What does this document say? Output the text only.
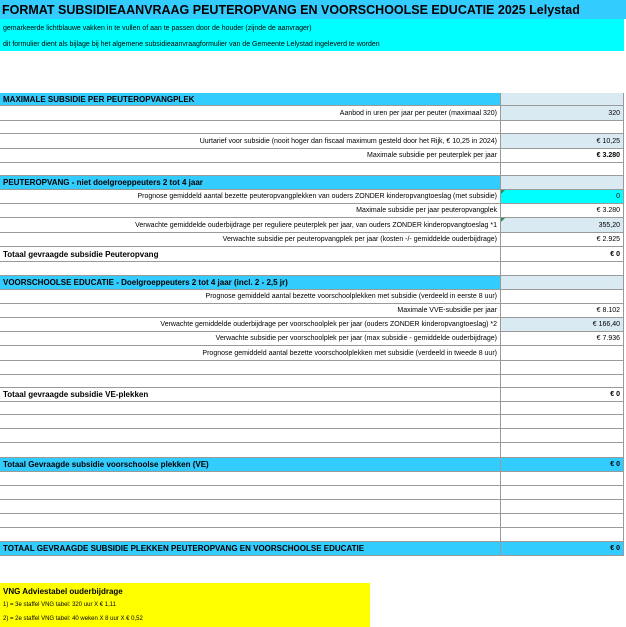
FORMAT SUBSIDIEAANVRAAG PEUTEROPVANG EN VOORSCHOOLSE EDUCATIE 2025 Lelystad
gemarkeerde lichtblauwe vakken in te vullen of aan te passen door de houder (zijnde de aanvrager)
dit formulier dient als bijlage bij het algemene subsidieaanvraagformulier van de Gemeente Lelystad ingeleverd te worden
MAXIMALE SUBSIDIE PER PEUTEROPVANGPLEK
Aanbod in uren per jaar per peuter (maximaal 320)	320
Uurtarief voor subsidie (nooit hoger dan fiscaal maximum gesteld door het Rijk, € 10,25 in 2024)	€ 10,25
Maximale subsidie per peuterplek per jaar	€ 3.280
PEUTEROPVANG - niet doelgroeppeuters 2 tot 4 jaar
Prognose gemiddeld aantal bezette peuteropvangplekken van ouders ZONDER kinderopvangtoeslag (met subsidie)	0
Maximale subsidie per jaar peuteropvangplek	€ 3.280
Verwachte gemiddelde ouderbijdrage per reguliere peuterplek per jaar, van ouders ZONDER kinderopvangtoeslag *1	355,20
Verwachte subsidie per peuteropvangplek per jaar (kosten -/- gemiddelde ouderbijdrage)	€ 2.925
Totaal gevraagde subsidie Peuteropvang	€ 0
VOORSCHOOLSE EDUCATIE - Doelgroeppeuters 2 tot 4 jaar (incl. 2 - 2,5 jr)
Prognose gemiddeld aantal bezette voorschoolplekken met subsidie (verdeeld in eerste 8 uur)
Maximale VVE-subsidie per jaar	€ 8.102
Verwachte gemiddelde ouderbijdrage per voorschoolplek per jaar (ouders ZONDER kinderopvangtoeslag) *2	€ 166,40
Verwachte subsidie per voorschoolplek per jaar (max subsidie - gemiddelde ouderbijdrage)	€ 7.936
Prognose gemiddeld aantal bezette voorschoolplekken met subsidie (verdeeld in tweede 8 uur)
Totaal gevraagde subsidie VE-plekken	€ 0
Totaal Gevraagde subsidie voorschoolse plekken (VE)	€ 0
TOTAAL GEVRAAGDE SUBSIDIE PLEKKEN PEUTEROPVANG EN VOORSCHOOLSE EDUCATIE	€ 0
VNG Adviestabel ouderbijdrage
1) = 3e staffel VNG tabel: 320 uur X € 1,11
2) = 2e staffel VNG tabel: 40 weken X 8 uur X € 0,52
